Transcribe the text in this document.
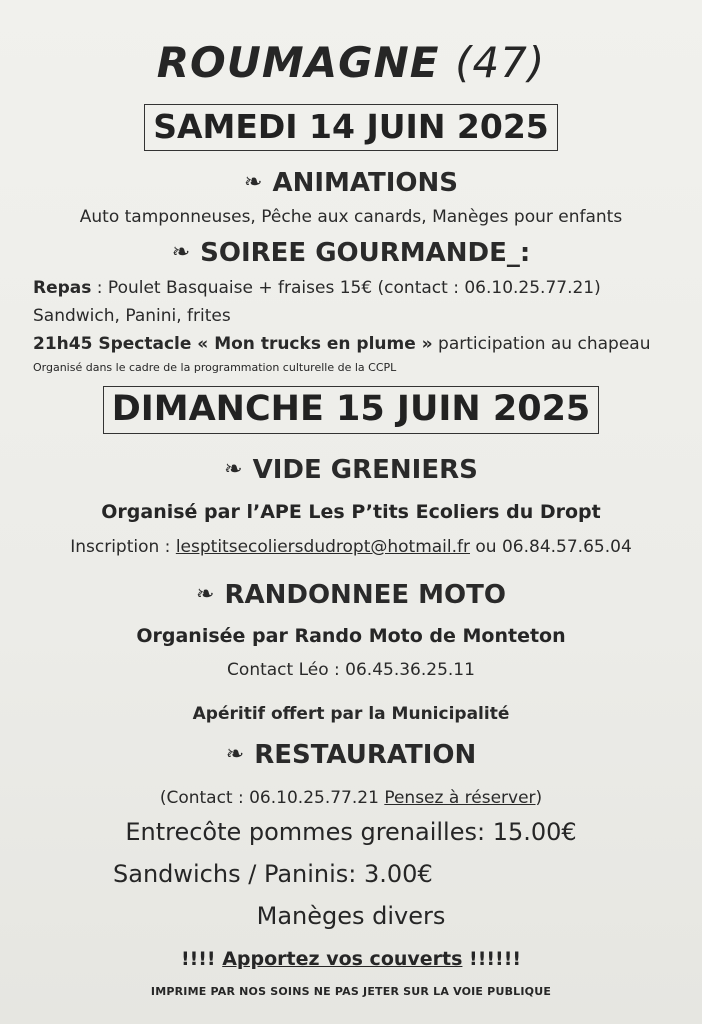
ROUMAGNE (47)
SAMEDI 14 JUIN 2025
❧ ANIMATIONS
Auto tamponneuses, Pêche aux canards, Manèges pour enfants
❧ SOIREE GOURMANDE_:
Repas : Poulet Basquaise + fraises 15€ (contact : 06.10.25.77.21)
Sandwich, Panini, frites
21h45 Spectacle « Mon trucks en plume » participation au chapeau
Organisé dans le cadre de la programmation culturelle de la CCPL
DIMANCHE 15 JUIN 2025
❧ VIDE GRENIERS
Organisé par l’APE Les P’tits Ecoliers du Dropt
Inscription : lesptitsecoliersdudropt@hotmail.fr ou 06.84.57.65.04
❧ RANDONNEE MOTO
Organisée par Rando Moto de Monteton
Contact Léo : 06.45.36.25.11
Apéritif offert par la Municipalité
❧ RESTAURATION
(Contact : 06.10.25.77.21 Pensez à réserver)
Entrecôte pommes grenailles: 15.00€
Sandwichs / Paninis: 3.00€
Manèges divers
!!!! Apportez vos couverts !!!!!!
IMPRIME PAR NOS SOINS NE PAS JETER SUR LA VOIE PUBLIQUE
